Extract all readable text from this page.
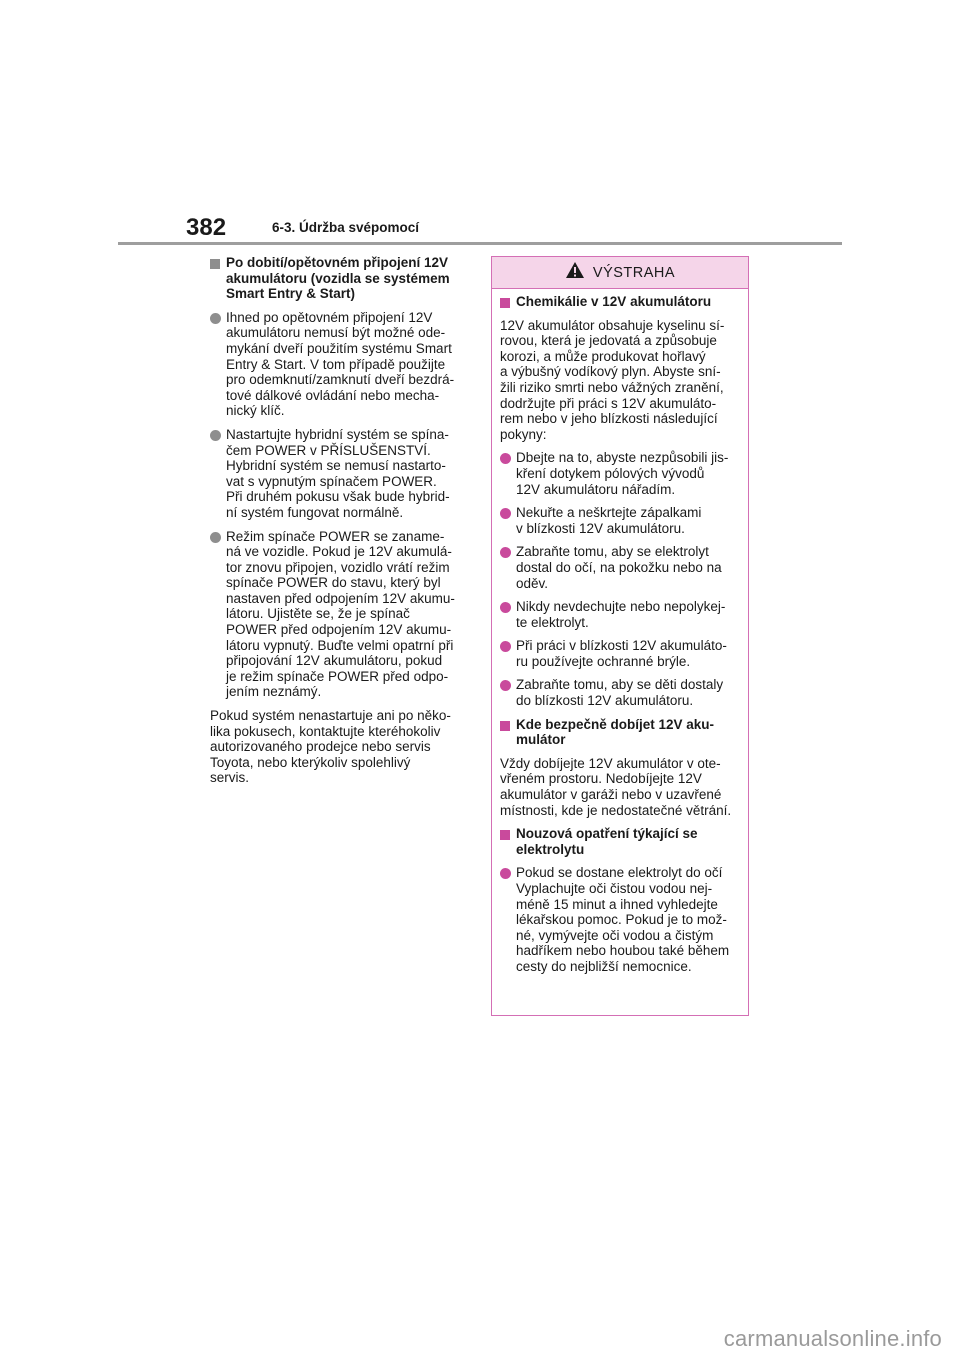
382	6-3. Údržba svépomocí
Po dobití/opětovném připojení 12V
akumulátoru (vozidla se systémem
Smart Entry & Start)
Ihned po opětovném připojení 12V
akumulátoru nemusí být možné ode-
mykání dveří použitím systému Smart
Entry & Start. V tom případě použijte
pro odemknutí/zamknutí dveří bezdrá-
tové dálkové ovládání nebo mecha-
nický klíč.
Nastartujte hybridní systém se spína-
čem POWER v PŘÍSLUŠENSTVÍ.
Hybridní systém se nemusí nastarto-
vat s vypnutým spínačem POWER.
Při druhém pokusu však bude hybrid-
ní systém fungovat normálně.
Režim spínače POWER se zaname-
ná ve vozidle. Pokud je 12V akumulá-
tor znovu připojen, vozidlo vrátí režim
spínače POWER do stavu, který byl
nastaven před odpojením 12V akumu-
látoru. Ujistěte se, že je spínač
POWER před odpojením 12V akumu-
látoru vypnutý. Buďte velmi opatrní při
připojování 12V akumulátoru, pokud
je režim spínače POWER před odpo-
jením neznámý.
Pokud systém nenastartuje ani po něko-
lika pokusech, kontaktujte kteréhokoliv
autorizovaného prodejce nebo servis
Toyota, nebo kterýkoliv spolehlivý
servis.
VÝSTRAHA
Chemikálie v 12V akumulátoru
12V akumulátor obsahuje kyselinu sí-
rovou, která je jedovatá a způsobuje
korozi, a může produkovat hořlavý
a výbušný vodíkový plyn. Abyste sní-
žili riziko smrti nebo vážných zranění,
dodržujte při práci s 12V akumuláto-
rem nebo v jeho blízkosti následující
pokyny:
Dbejte na to, abyste nezpůsobili jis-
kření dotykem pólových vývodů
12V akumulátoru nářadím.
Nekuřte a neškrtejte zápalkami
v blízkosti 12V akumulátoru.
Zabraňte tomu, aby se elektrolyt
dostal do očí, na pokožku nebo na
oděv.
Nikdy nevdechujte nebo nepolykej-
te elektrolyt.
Při práci v blízkosti 12V akumuláto-
ru používejte ochranné brýle.
Zabraňte tomu, aby se děti dostaly
do blízkosti 12V akumulátoru.
Kde bezpečně dobíjet 12V aku-
mulátor
Vždy dobíjejte 12V akumulátor v ote-
vřeném prostoru. Nedobíjejte 12V
akumulátor v garáži nebo v uzavřené
místnosti, kde je nedostatečné větrání.
Nouzová opatření týkající se
elektrolytu
Pokud se dostane elektrolyt do očí
Vyplachujte oči čistou vodou nej-
méně 15 minut a ihned vyhledejte
lékařskou pomoc. Pokud je to mož-
né, vymývejte oči vodou a čistým
hadříkem nebo houbou také během
cesty do nejbližší nemocnice.
carmanualsonline.info
